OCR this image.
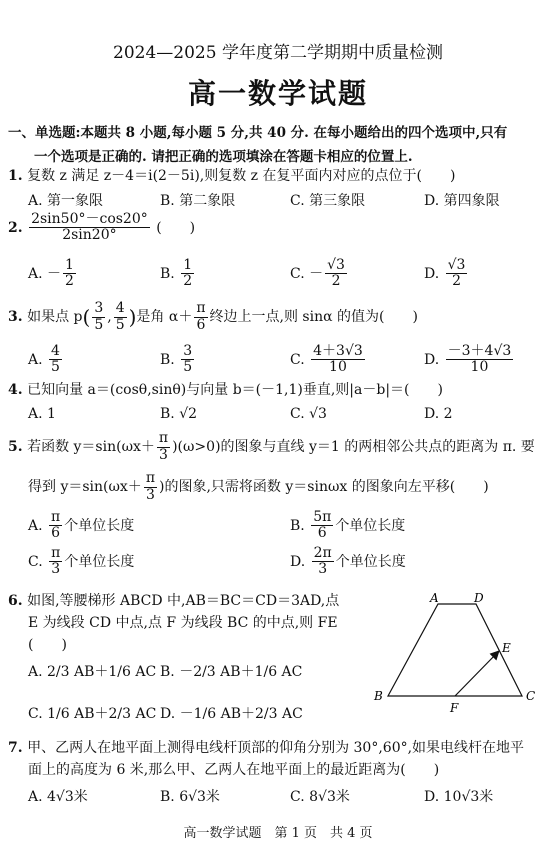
2024—2025 学年度第二学期期中质量检测
高一数学试题
一、单选题:本题共 8 小题,每小题 5 分,共 40 分. 在每小题给出的四个选项中,只有
一个选项是正确的. 请把正确的选项填涂在答题卡相应的位置上.
1. 复数 z 满足 z－4＝i(2－5i),则复数 z 在复平面内对应的点位于(　　)
A. 第一象限	B. 第二象限	C. 第三象限	D. 第四象限
2. $\frac{2\sin 50^\circ-\cos 20^\circ}{2\sin 20^\circ}$ (　　)
A. － $\frac{1}{2}$	B. $\frac{1}{2}$	C. － $\frac{√3}{2}$	D. $\frac{√3}{2}$
3. 如果点 $p( \frac{3}{5}$ , $\frac{4}{5}$ )是角 $\alpha+ \frac{\pi}{6}$ 终边上一点,则 sinα 的值为(　　)
A. $\frac{4}{5}$	B. $\frac{3}{5}$	C. $\frac{4+3√3}{10}$	D. $\frac{-3+4√3}{10}$
4. 已知向量 a＝(cosθ,sinθ)与向量 b＝(－1,1)垂直,则|a－b|＝(　　)
A. 1	B. √2	C. √3	D. 2
5. 若函数 $y=\sin(\omega x+ \frac{\pi}{3} )(\omega>0)$的图象与直线 y＝1 的两相邻公共点的距离为 π. 要
得到 $y=\sin(\omega x+ \frac{\pi}{3}$ )的图象,只需将函数 y＝sinωx 的图象向左平移(　　)
A. $\frac{\pi}{6}$ 个单位长度	B. $\frac{5\pi}{6}$ 个单位长度
C. $\frac{\pi}{3}$ 个单位长度	D. $\frac{2\pi}{3}$ 个单位长度
6. 如图,等腰梯形 ABCD 中,AB＝BC＝CD＝3AD,点
E 为线段 CD 中点,点 F 为线段 BC 的中点,则 FE
(　　)
A. 2/3 AB＋1/6 AC B. －2/3 AB＋1/6 AC
C. 1/6 AB＋2/3 AC D. －1/6 AB＋2/3 AC
A	D
B	C
E
F
7. 甲、乙两人在地平面上测得电线杆顶部的仰角分别为 30°,60°,如果电线杆在地平
面上的高度为 6 米,那么甲、乙两人在地平面上的最近距离为(　　)
A. 4√3米	B. 6√3米	C. 8√3米	D. 10√3米
高一数学试题　第 1 页　共 4 页
